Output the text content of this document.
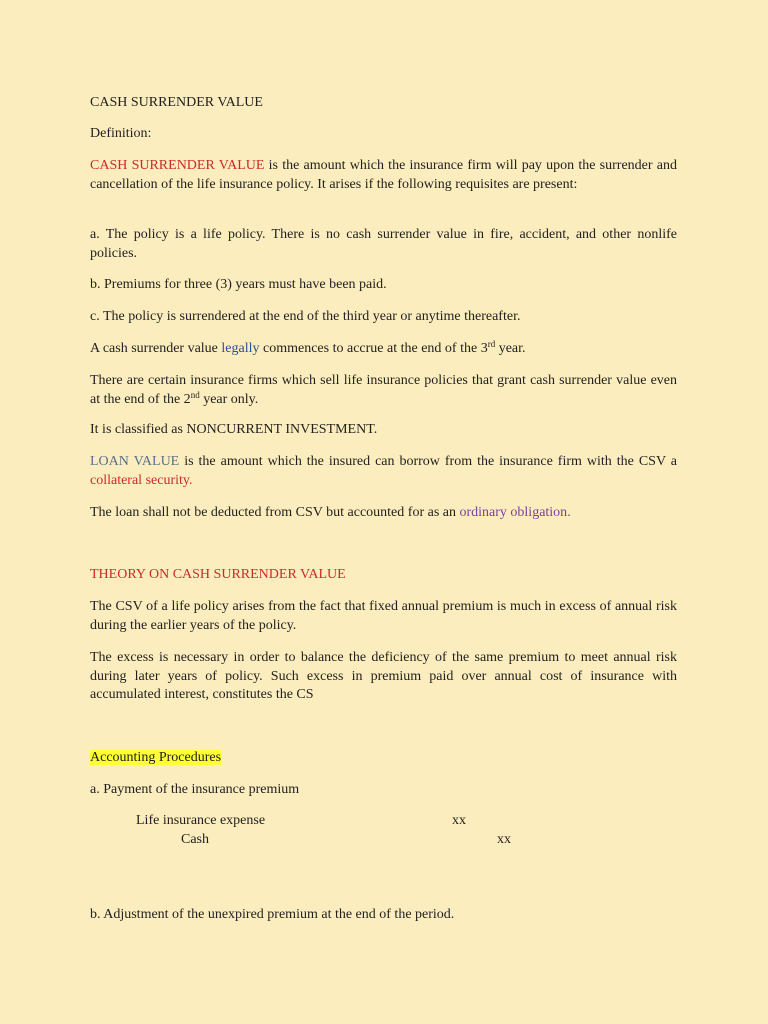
CASH SURRENDER VALUE

Definition:

CASH SURRENDER VALUE is the amount which the insurance firm will pay upon the surrender and cancellation of the life insurance policy. It arises if the following requisites are present:

a. The policy is a life policy. There is no cash surrender value in fire, accident, and other nonlife policies.

b. Premiums for three (3) years must have been paid.

c. The policy is surrendered at the end of the third year or anytime thereafter.

A cash surrender value legally commences to accrue at the end of the 3rd year.

There are certain insurance firms which sell life insurance policies that grant cash surrender value even at the end of the 2nd year only.

It is classified as NONCURRENT INVESTMENT.

LOAN VALUE is the amount which the insured can borrow from the insurance firm with the CSV a collateral security.

The loan shall not be deducted from CSV but accounted for as an ordinary obligation.

THEORY ON CASH SURRENDER VALUE

The CSV of a life policy arises from the fact that fixed annual premium is much in excess of annual risk during the earlier years of the policy.

The excess is necessary in order to balance the deficiency of the same premium to meet annual risk during later years of policy. Such excess in premium paid over annual cost of insurance with accumulated interest, constitutes the CS

Accounting Procedures

a. Payment of the insurance premium

Life insurance expense	xx

Cash	xx

b. Adjustment of the unexpired premium at the end of the period.
